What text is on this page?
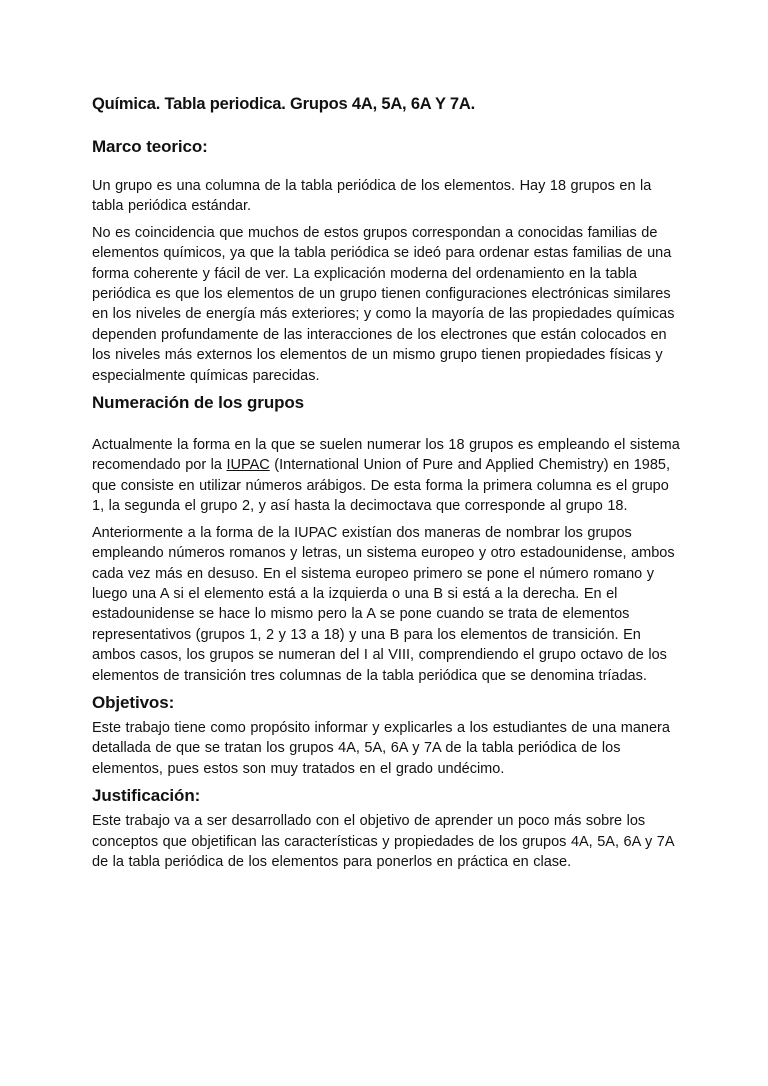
Química. Tabla periodica. Grupos 4A, 5A, 6A Y 7A.
Marco teorico:

Un grupo es una columna de la tabla periódica de los elementos. Hay 18 grupos en la tabla periódica estándar.

No es coincidencia que muchos de estos grupos correspondan a conocidas familias de elementos químicos, ya que la tabla periódica se ideó para ordenar estas familias de una forma coherente y fácil de ver. La explicación moderna del ordenamiento en la tabla periódica es que los elementos de un grupo tienen configuraciones electrónicas similares en los niveles de energía más exteriores; y como la mayoría de las propiedades químicas dependen profundamente de las interacciones de los electrones que están colocados en los niveles más externos los elementos de un mismo grupo tienen propiedades físicas y especialmente químicas parecidas.

Numeración de los grupos

Actualmente la forma en la que se suelen numerar los 18 grupos es empleando el sistema recomendado por la IUPAC (International Union of Pure and Applied Chemistry) en 1985, que consiste en utilizar números arábigos. De esta forma la primera columna es el grupo 1, la segunda el grupo 2, y así hasta la decimoctava que corresponde al grupo 18.

Anteriormente a la forma de la IUPAC existían dos maneras de nombrar los grupos empleando números romanos y letras, un sistema europeo y otro estadounidense, ambos cada vez más en desuso. En el sistema europeo primero se pone el número romano y luego una A si el elemento está a la izquierda o una B si está a la derecha. En el estadounidense se hace lo mismo pero la A se pone cuando se trata de elementos representativos (grupos 1, 2 y 13 a 18) y una B para los elementos de transición. En ambos casos, los grupos se numeran del I al VIII, comprendiendo el grupo octavo de los elementos de transición tres columnas de la tabla periódica que se denomina tríadas.

Objetivos:

Este trabajo tiene como propósito informar y explicarles a los estudiantes de una manera detallada de que se tratan los grupos 4A, 5A, 6A y 7A de la tabla periódica de los elementos, pues estos son muy tratados en el grado undécimo.

Justificación:

Este trabajo va a ser desarrollado con el objetivo de aprender un poco más sobre los conceptos que objetifican las características y propiedades de los grupos 4A, 5A, 6A y 7A de la tabla periódica de los elementos para ponerlos en práctica en clase.
